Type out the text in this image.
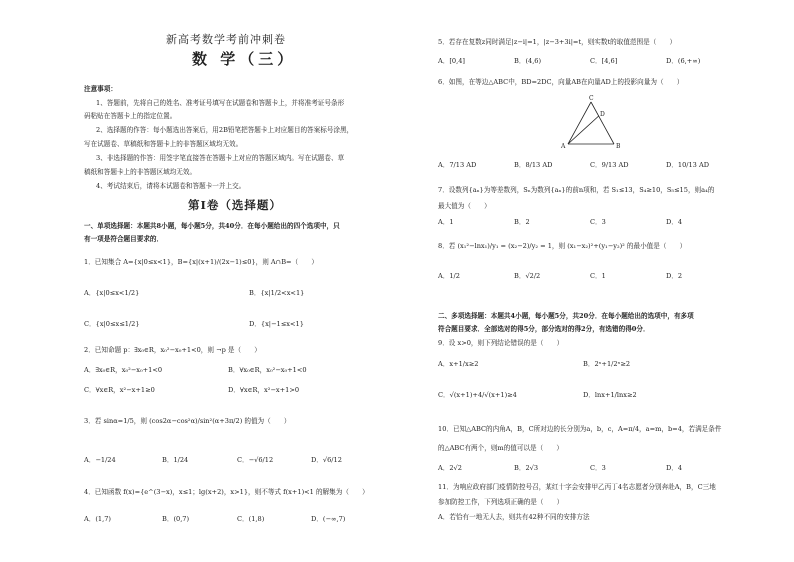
新高考数学考前冲刺卷
数 学（三）
注意事项：
1、答题前，先将自己的姓名、准考证号填写在试题卷和答题卡上，并将准考证号条形
码粘贴在答题卡上的指定位置。
2、选择题的作答：每小题选出答案后，用2B铅笔把答题卡上对应题目的答案标号涂黑，
写在试题卷、草稿纸和答题卡上的非答题区域均无效。
3、非选择题的作答：用签字笔直接答在答题卡上对应的答题区域内。写在试题卷、草
稿纸和答题卡上的非答题区域均无效。
4、考试结束后，请将本试题卷和答题卡一并上交。
第Ⅰ卷（选择题）
一、单项选择题：本题共8小题，每小题5分，共40分．在每小题给出的四个选项中，只
有一项是符合题目要求的．
1．已知集合 A={x|0≤x<1}，B={x|(x+1)/(2x−1)≤0}，则 A∩B=（　　）
A．{x|0≤x<1/2}	B．{x|1/2<x<1}
C．{x|0≤x≤1/2}	D．{x|−1≤x<1}
2．已知命题 p：∃x₀∈R，x₀²−x₀+1<0，则 ¬p 是（　　）
A．∃x₀∈R，x₀²−x₀+1<0	B．∀x₀∈R，x₀²−x₀+1<0
C．∀x∈R，x²−x+1≥0	D．∀x∈R，x²−x+1>0
3．若 sinα=1/5，则 (cos2α−cos²α)/sin²(α+3π/2) 的值为（　　）
A．−1/24	B．1/24	C．−√6/12	D．√6/12
4．已知函数 f(x)={e^(3−x)，x≤1；lg(x+2)，x>1}，则不等式 f(x+1)<1 的解集为（　　）
A．(1,7)	B．(0,7)	C．(1,8)	D．(−∞,7)
5．若存在复数z同时满足|z−i|=1，|z−3+3i|=t，则实数t的取值范围是（　　）
A．[0,4]	B．(4,6)	C．[4,6]	D．(6,+∞)
6．如图，在等边△ABC中，BD=2DC，向量AB在向量AD上的投影向量为（　　）
A	B
C
D
A．7/13 AD	B．8/13 AD	C．9/13 AD	D．10/13 AD
7．设数列{aₙ}为等差数列，Sₙ为数列{aₙ}的前n项和，若 S₁≤13，S₄≥10，S₅≤15，则a₄的
最大值为（　　）
A．1	B．2	C．3	D．4
8．若 (x₁²−lnx₁)/y₁ = (x₂−2)/y₂ = 1，则 (x₁−x₂)²+(y₁−y₂)² 的最小值是（　　）
A．1/2	B．√2/2	C．1	D．2
二、多项选择题：本题共4小题，每小题5分，共20分．在每小题给出的选项中，有多项
符合题目要求．全部选对的得5分，部分选对的得2分，有选错的得0分．
9．设 x>0，则下列结论错误的是（　　）
A．x+1/x≥2	B．2ˣ+1/2ˣ≥2
C．√(x+1)+4/√(x+1)≥4	D．lnx+1/lnx≥2
10．已知△ABC的内角A，B，C所对边的长分别为a，b，c，A=π/4，a=m，b=4，若满足条件
的△ABC有两个，则m的值可以是（　　）
A．2√2	B．2√3	C．3	D．4
11．为响应政府部门疫情防控号召，某红十字会安排甲乙丙丁4名志愿者分别奔赴A，B，C三地
参加防控工作，下列选项正确的是（　　）
A．若恰有一地无人去，则共有42种不同的安排方法
